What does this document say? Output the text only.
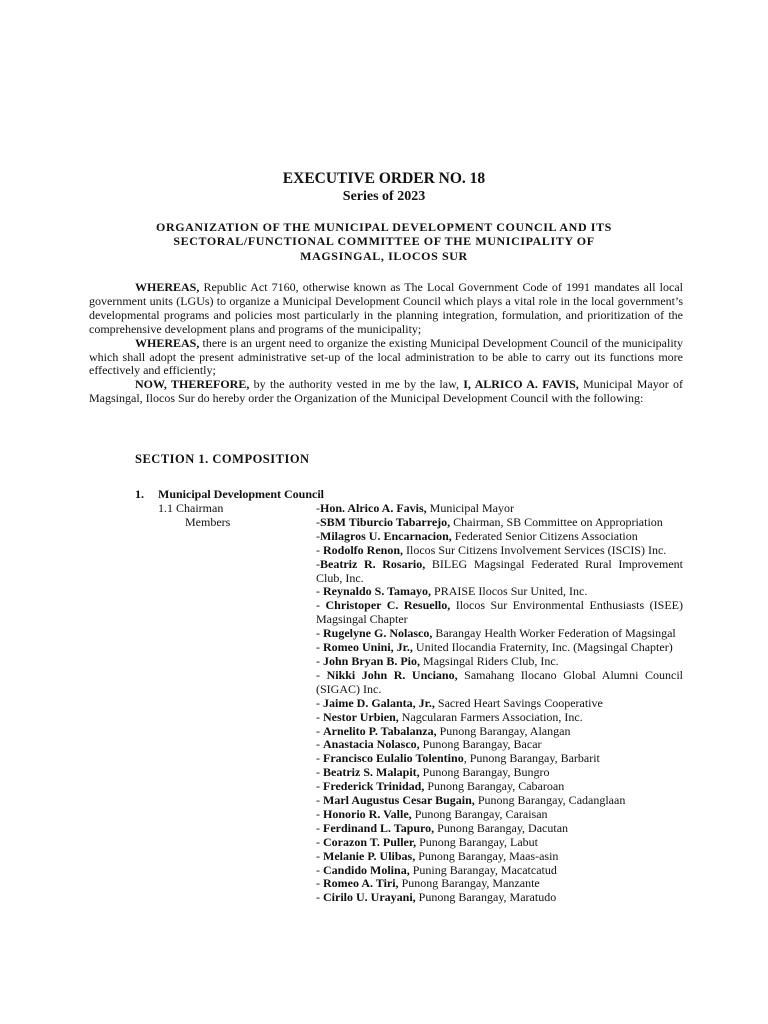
EXECUTIVE ORDER NO. 18
Series of 2023
ORGANIZATION OF THE MUNICIPAL DEVELOPMENT COUNCIL AND ITS
SECTORAL/FUNCTIONAL COMMITTEE OF THE MUNICIPALITY OF
MAGSINGAL, ILOCOS SUR

WHEREAS, Republic Act 7160, otherwise known as The Local Government Code of 1991 mandates all local government units (LGUs) to organize a Municipal Development Council which plays a vital role in the local government’s developmental programs and policies most particularly in the planning integration, formulation, and prioritization of the comprehensive development plans and programs of the municipality;

WHEREAS, there is an urgent need to organize the existing Municipal Development Council of the municipality which shall adopt the present administrative set-up of the local administration to be able to carry out its functions more effectively and efficiently;

NOW, THEREFORE, by the authority vested in me by the law, I, ALRICO A. FAVIS, Municipal Mayor of Magsingal, Ilocos Sur do hereby order the Organization of the Municipal Development Council with the following:

SECTION 1. COMPOSITION
1. Municipal Development Council
1.1 Chairman
Members
-Hon. Alrico A. Favis, Municipal Mayor
-SBM Tiburcio Tabarrejo, Chairman, SB Committee on Appropriation
-Milagros U. Encarnacion, Federated Senior Citizens Association
- Rodolfo Renon, Ilocos Sur Citizens Involvement Services (ISCIS) Inc.
-Beatriz R. Rosario, BILEG Magsingal Federated Rural Improvement Club, Inc.
- Reynaldo S. Tamayo, PRAISE Ilocos Sur United, Inc.
- Christoper C. Resuello, Ilocos Sur Environmental Enthusiasts (ISEE) Magsingal Chapter
- Rugelyne G. Nolasco, Barangay Health Worker Federation of Magsingal
- Romeo Unini, Jr., United Ilocandia Fraternity, Inc. (Magsingal Chapter)
- John Bryan B. Pio, Magsingal Riders Club, Inc.
- Nikki John R. Unciano, Samahang Ilocano Global Alumni Council (SIGAC) Inc.
- Jaime D. Galanta, Jr., Sacred Heart Savings Cooperative
- Nestor Urbien, Nagcularan Farmers Association, Inc.
- Arnelito P. Tabalanza, Punong Barangay, Alangan
- Anastacia Nolasco, Punong Barangay, Bacar
- Francisco Eulalio Tolentino, Punong Barangay, Barbarit
- Beatriz S. Malapit, Punong Barangay, Bungro
- Frederick Trinidad, Punong Barangay, Cabaroan
- Marl Augustus Cesar Bugain, Punong Barangay, Cadanglaan
- Honorio R. Valle, Punong Barangay, Caraisan
- Ferdinand L. Tapuro, Punong Barangay, Dacutan
- Corazon T. Puller, Punong Barangay, Labut
- Melanie P. Ulibas, Punong Barangay, Maas-asin
- Candido Molina, Puning Barangay, Macatcatud
- Romeo A. Tiri, Punong Barangay, Manzante
- Cirilo U. Urayani, Punong Barangay, Maratudo
